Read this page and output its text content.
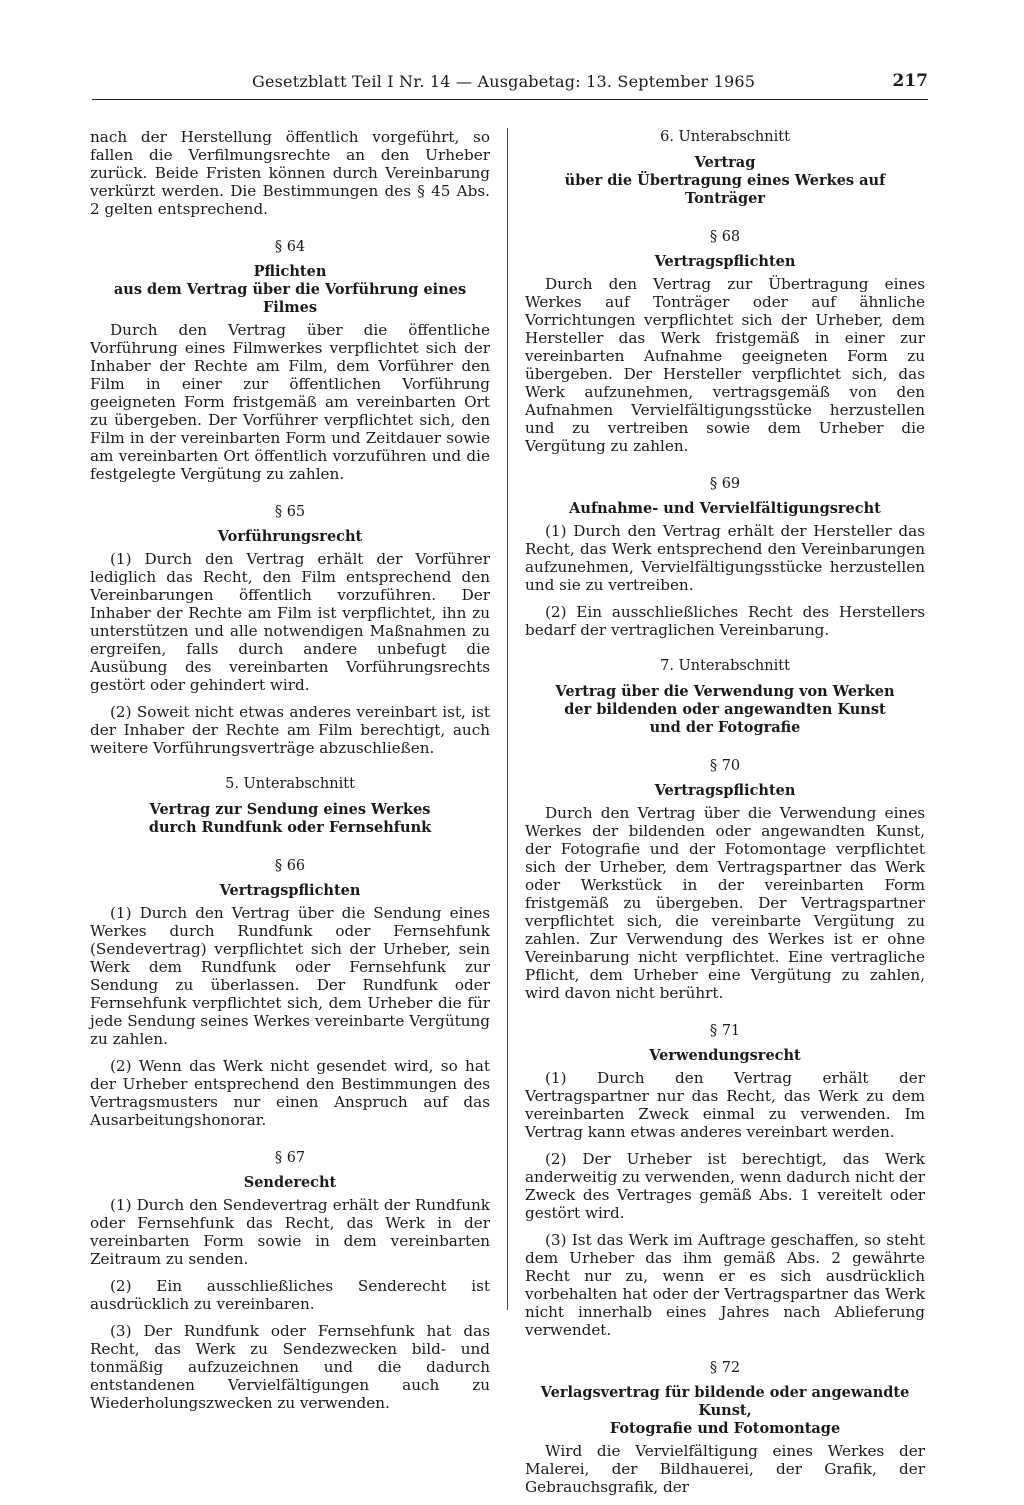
Gesetzblatt Teil I Nr. 14 — Ausgabetag: 13. September 1965	217

nach der Herstellung öffentlich vorgeführt, so fallen die Verfilmungsrechte an den Urheber zurück. Beide Fristen können durch Vereinbarung verkürzt werden. Die Bestimmungen des § 45 Abs. 2 gelten entsprechend.

§ 64
Pflichten
aus dem Vertrag über die Vorführung eines Filmes

Durch den Vertrag über die öffentliche Vorführung eines Filmwerkes verpflichtet sich der Inhaber der Rechte am Film, dem Vorführer den Film in einer zur öffentlichen Vorführung geeigneten Form fristgemäß am vereinbarten Ort zu übergeben. Der Vorführer verpflichtet sich, den Film in der vereinbarten Form und Zeitdauer sowie am vereinbarten Ort öffentlich vorzuführen und die festgelegte Vergütung zu zahlen.

§ 65
Vorführungsrecht

(1) Durch den Vertrag erhält der Vorführer lediglich das Recht, den Film entsprechend den Vereinbarungen öffentlich vorzuführen. Der Inhaber der Rechte am Film ist verpflichtet, ihn zu unterstützen und alle notwendigen Maßnahmen zu ergreifen, falls durch andere unbefugt die Ausübung des vereinbarten Vorführungsrechts gestört oder gehindert wird.

(2) Soweit nicht etwas anderes vereinbart ist, ist der Inhaber der Rechte am Film berechtigt, auch weitere Vorführungsverträge abzuschließen.

5. Unterabschnitt
Vertrag zur Sendung eines Werkes
durch Rundfunk oder Fernsehfunk
§ 66
Vertragspflichten

(1) Durch den Vertrag über die Sendung eines Werkes durch Rundfunk oder Fernsehfunk (Sendevertrag) verpflichtet sich der Urheber, sein Werk dem Rundfunk oder Fernsehfunk zur Sendung zu überlassen. Der Rundfunk oder Fernsehfunk verpflichtet sich, dem Urheber die für jede Sendung seines Werkes vereinbarte Vergütung zu zahlen.

(2) Wenn das Werk nicht gesendet wird, so hat der Urheber entsprechend den Bestimmungen des Vertragsmusters nur einen Anspruch auf das Ausarbeitungshonorar.

§ 67
Senderecht

(1) Durch den Sendevertrag erhält der Rundfunk oder Fernsehfunk das Recht, das Werk in der vereinbarten Form sowie in dem vereinbarten Zeitraum zu senden.

(2) Ein ausschließliches Senderecht ist ausdrücklich zu vereinbaren.

(3) Der Rundfunk oder Fernsehfunk hat das Recht, das Werk zu Sendezwecken bild- und tonmäßig aufzuzeichnen und die dadurch entstandenen Vervielfältigungen auch zu Wiederholungszwecken zu verwenden.

6. Unterabschnitt
Vertrag
über die Übertragung eines Werkes auf Tonträger
§ 68
Vertragspflichten

Durch den Vertrag zur Übertragung eines Werkes auf Tonträger oder auf ähnliche Vorrichtungen verpflichtet sich der Urheber, dem Hersteller das Werk fristgemäß in einer zur vereinbarten Aufnahme geeigneten Form zu übergeben. Der Hersteller verpflichtet sich, das Werk aufzunehmen, vertragsgemäß von den Aufnahmen Vervielfältigungsstücke herzustellen und zu vertreiben sowie dem Urheber die Vergütung zu zahlen.

§ 69
Aufnahme- und Vervielfältigungsrecht

(1) Durch den Vertrag erhält der Hersteller das Recht, das Werk entsprechend den Vereinbarungen aufzunehmen, Vervielfältigungsstücke herzustellen und sie zu vertreiben.

(2) Ein ausschließliches Recht des Herstellers bedarf der vertraglichen Vereinbarung.

7. Unterabschnitt
Vertrag über die Verwendung von Werken
der bildenden oder angewandten Kunst
und der Fotografie
§ 70
Vertragspflichten

Durch den Vertrag über die Verwendung eines Werkes der bildenden oder angewandten Kunst, der Fotografie und der Fotomontage verpflichtet sich der Urheber, dem Vertragspartner das Werk oder Werkstück in der vereinbarten Form fristgemäß zu übergeben. Der Vertragspartner verpflichtet sich, die vereinbarte Vergütung zu zahlen. Zur Verwendung des Werkes ist er ohne Vereinbarung nicht verpflichtet. Eine vertragliche Pflicht, dem Urheber eine Vergütung zu zahlen, wird davon nicht berührt.

§ 71
Verwendungsrecht

(1) Durch den Vertrag erhält der Vertragspartner nur das Recht, das Werk zu dem vereinbarten Zweck einmal zu verwenden. Im Vertrag kann etwas anderes vereinbart werden.

(2) Der Urheber ist berechtigt, das Werk anderweitig zu verwenden, wenn dadurch nicht der Zweck des Vertrages gemäß Abs. 1 vereitelt oder gestört wird.

(3) Ist das Werk im Auftrage geschaffen, so steht dem Urheber das ihm gemäß Abs. 2 gewährte Recht nur zu, wenn er es sich ausdrücklich vorbehalten hat oder der Vertragspartner das Werk nicht innerhalb eines Jahres nach Ablieferung verwendet.

§ 72
Verlagsvertrag für bildende oder angewandte Kunst,
Fotografie und Fotomontage

Wird die Vervielfältigung eines Werkes der Malerei, der Bildhauerei, der Grafik, der Gebrauchsgrafik, der
